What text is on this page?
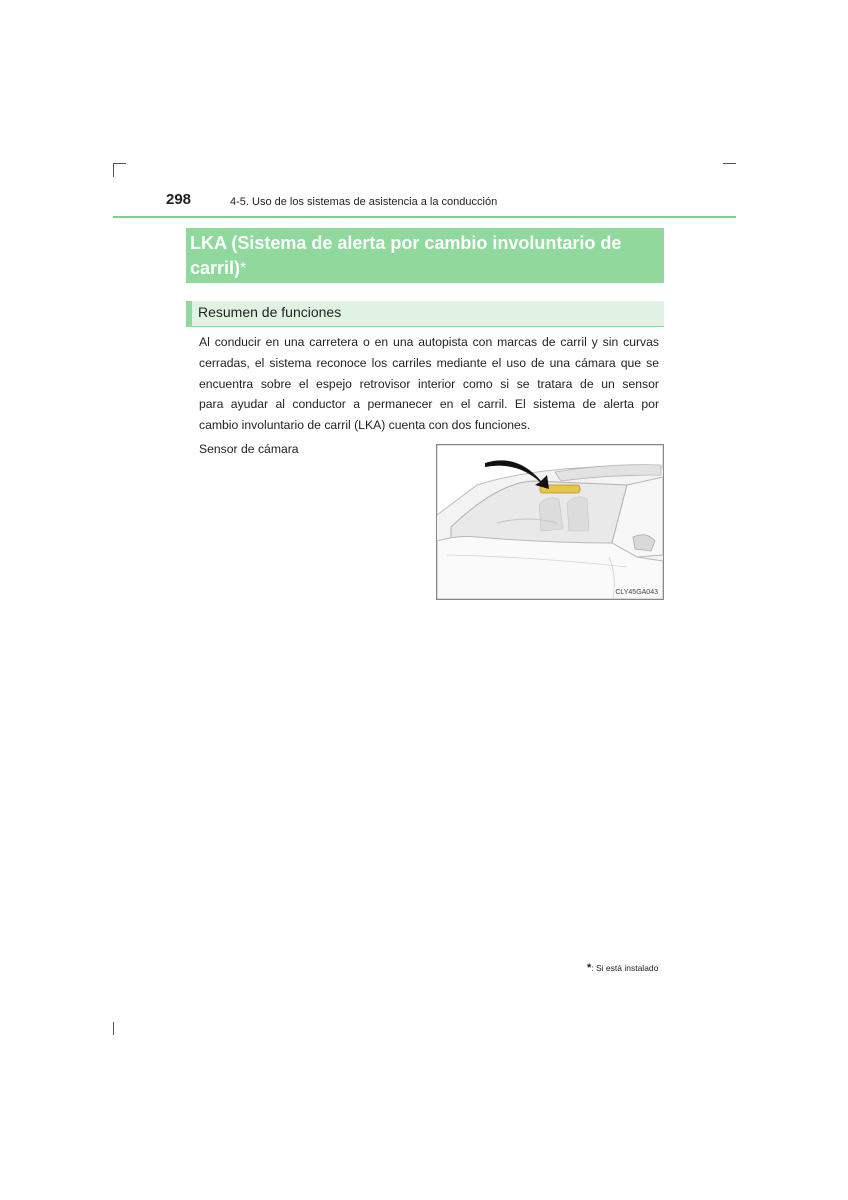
298	4-5. Uso de los sistemas de asistencia a la conducción
LKA (Sistema de alerta por cambio involuntario de
carril)*
Resumen de funciones
Al conducir en una carretera o en una autopista con marcas de carril y sin curvas
cerradas, el sistema reconoce los carriles mediante el uso de una cámara que se
encuentra sobre el espejo retrovisor interior como si se tratara de un sensor
para ayudar al conductor a permanecer en el carril. El sistema de alerta por
cambio involuntario de carril (LKA) cuenta con dos funciones.
Sensor de cámara
CLY45GA043
*: Si está instalado
